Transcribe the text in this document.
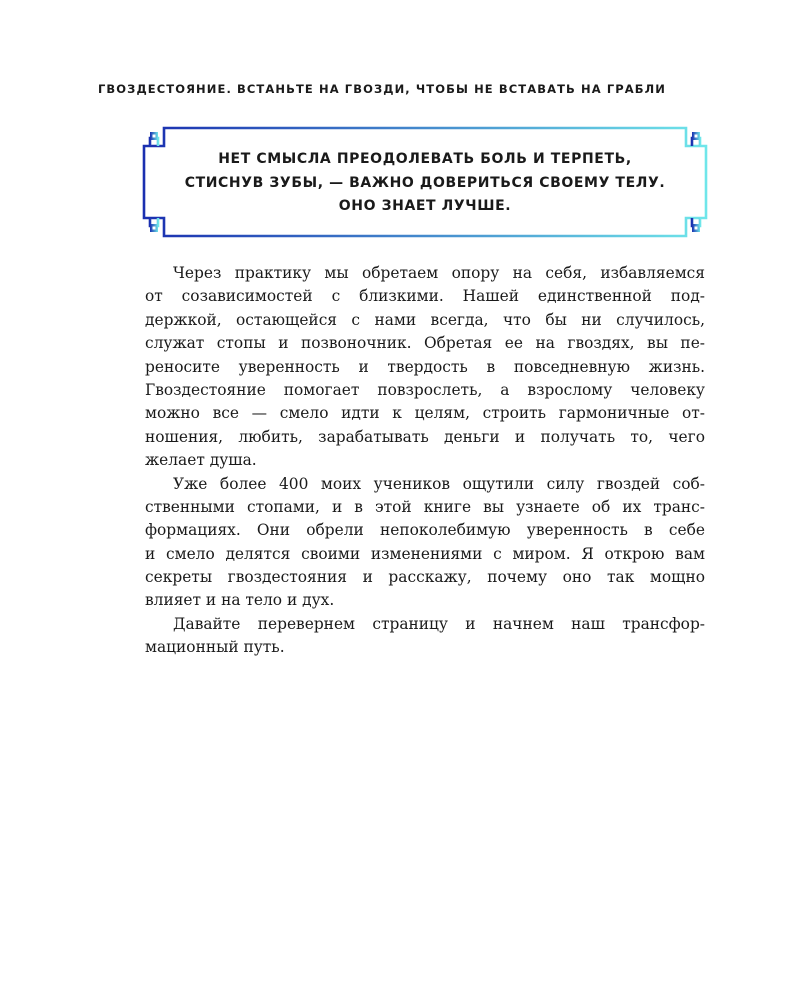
ГВОЗДЕСТОЯНИЕ. ВСТАНЬТЕ НА ГВОЗДИ, ЧТОБЫ НЕ ВСТАВАТЬ НА ГРАБЛИ
НЕТ СМЫСЛА ПРЕОДОЛЕВАТЬ БОЛЬ И ТЕРПЕТЬ,
СТИСНУВ ЗУБЫ, — ВАЖНО ДОВЕРИТЬСЯ СВОЕМУ ТЕЛУ.
ОНО ЗНАЕТ ЛУЧШЕ.
Через практику мы обретаем опору на себя, избавляемся
от созависимостей с близкими. Нашей единственной под-
держкой, остающейся с нами всегда, что бы ни случилось,
служат стопы и позвоночник. Обретая ее на гвоздях, вы пе-
реносите уверенность и твердость в повседневную жизнь.
Гвоздестояние помогает повзрослеть, а взрослому человеку
можно все — смело идти к целям, строить гармоничные от-
ношения, любить, зарабатывать деньги и получать то, чего
желает душа.
Уже более 400 моих учеников ощутили силу гвоздей соб-
ственными стопами, и в этой книге вы узнаете об их транс-
формациях. Они обрели непоколебимую уверенность в себе
и смело делятся своими изменениями с миром. Я открою вам
секреты гвоздестояния и расскажу, почему оно так мощно
влияет и на тело и дух.
Давайте перевернем страницу и начнем наш трансфор-
мационный путь.
